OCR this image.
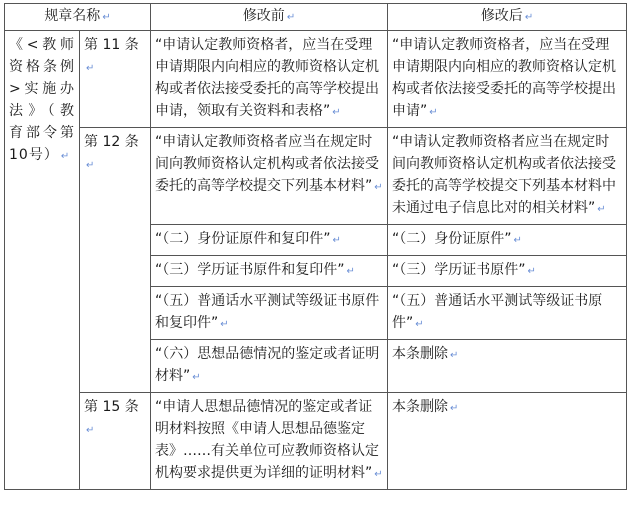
规章名称 ↵		修改前 ↵	修改后 ↵
《<教师资格条例>实施办法》（教育部令第10号） ↵	第 11 条↵	“申请认定教师资格者，应当在受理申请期限内向相应的教师资格认定机构或者依法接受委托的高等学校提出申请，领取有关资料和表格” ↵	“申请认定教师资格者，应当在受理申请期限内向相应的教师资格认定机构或者依法接受委托的高等学校提出申请” ↵
	第 12 条↵	“申请认定教师资格者应当在规定时间向教师资格认定机构或者依法接受委托的高等学校提交下列基本材料” ↵	“申请认定教师资格者应当在规定时间向教师资格认定机构或者依法接受委托的高等学校提交下列基本材料中未通过电子信息比对的相关材料” ↵
		“（二）身份证原件和复印件” ↵	“（二）身份证原件” ↵
		“（三）学历证书原件和复印件” ↵	“（三）学历证书原件” ↵
		“（五）普通话水平测试等级证书原件和复印件” ↵	“（五）普通话水平测试等级证书原件” ↵
		“（六）思想品德情况的鉴定或者证明材料” ↵	本条删除 ↵
	第 15 条↵	“申请人思想品德情况的鉴定或者证明材料按照《申请人思想品德鉴定表》……有关单位可应教师资格认定机构要求提供更为详细的证明材料” ↵	本条删除 ↵
